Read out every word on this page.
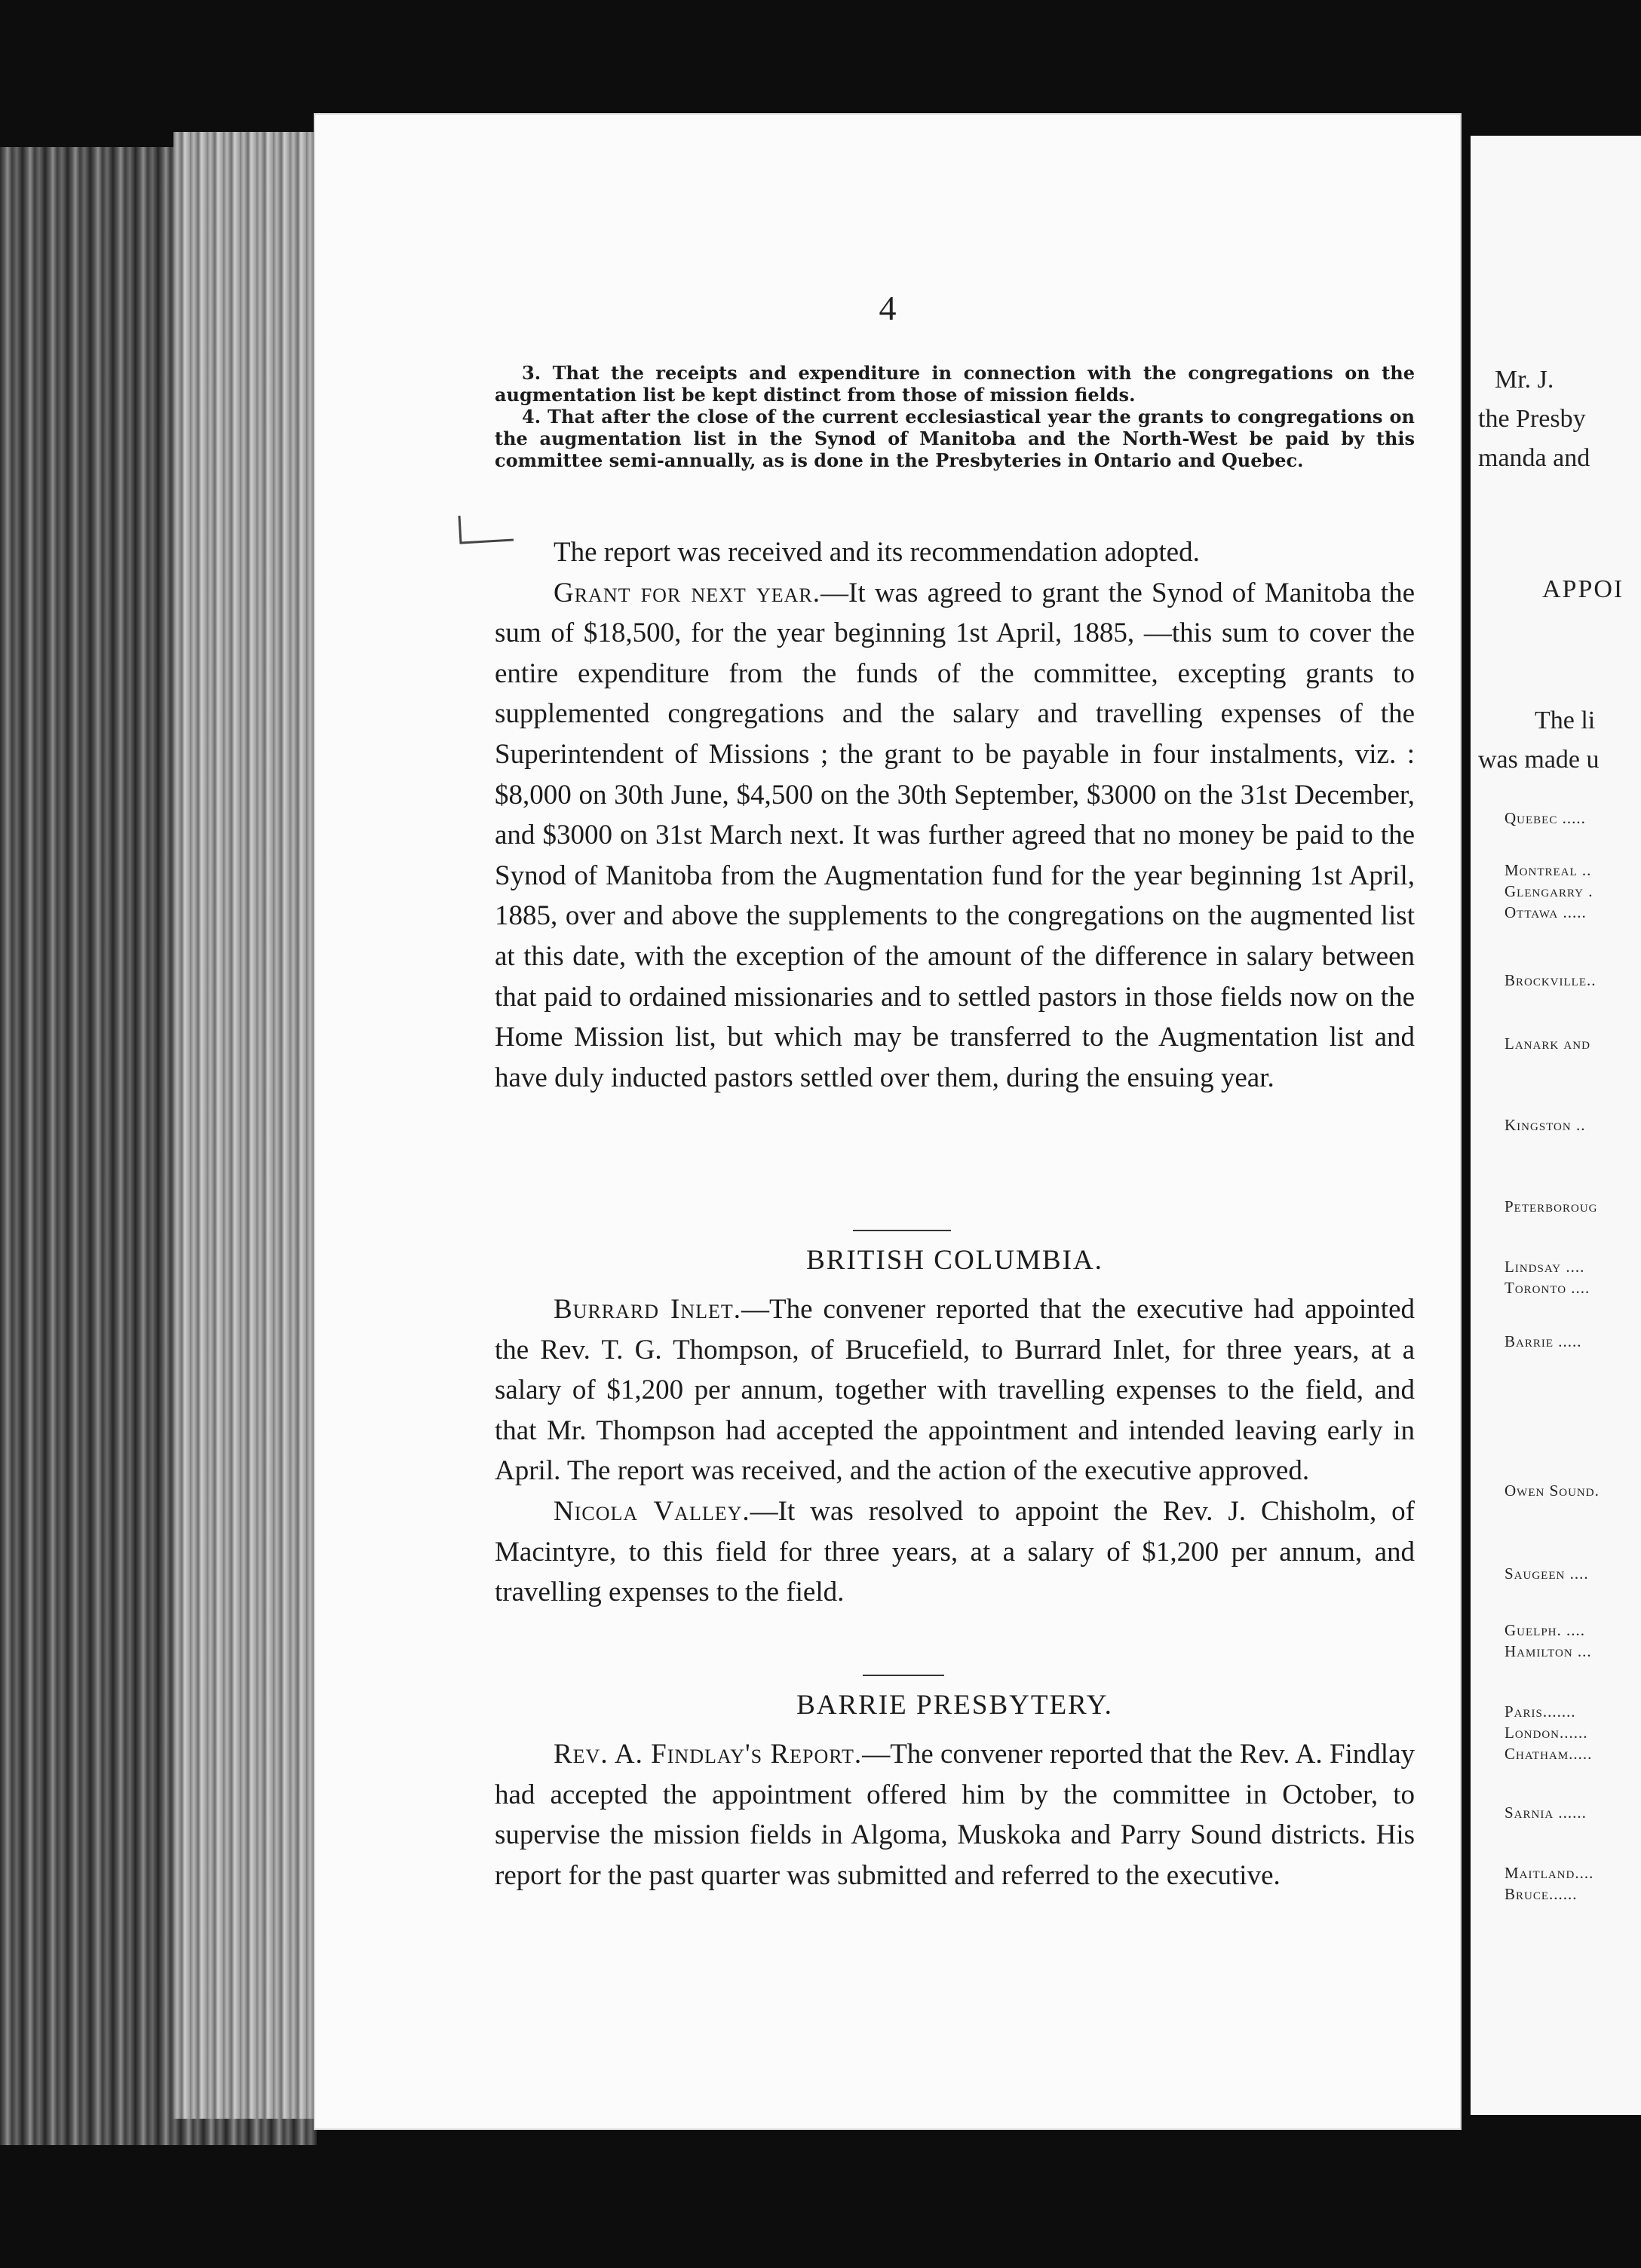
4

3. That the receipts and expenditure in connection with the congregations on the augmentation list be kept distinct from those of mission fields.

4. That after the close of the current ecclesiastical year the grants to congregations on the augmentation list in the Synod of Manitoba and the North-West be paid by this committee semi-annually, as is done in the Presbyteries in Ontario and Quebec.

The report was received and its recommendation adopted.

Grant for next year.—It was agreed to grant the Synod of Manitoba the sum of $18,500, for the year beginning 1st April, 1885, —this sum to cover the entire expenditure from the funds of the committee, excepting grants to supplemented congregations and the salary and travelling expenses of the Superintendent of Missions ; the grant to be payable in four instalments, viz. : $8,000 on 30th June, $4,500 on the 30th September, $3000 on the 31st December, and $3000 on 31st March next. It was further agreed that no money be paid to the Synod of Manitoba from the Augmentation fund for the year beginning 1st April, 1885, over and above the supplements to the congregations on the augmented list at this date, with the exception of the amount of the difference in salary between that paid to ordained missionaries and to settled pastors in those fields now on the Home Mission list, but which may be transferred to the Augmentation list and have duly inducted pastors settled over them, during the ensuing year.

BRITISH COLUMBIA.

Burrard Inlet.—The convener reported that the executive had appointed the Rev. T. G. Thompson, of Brucefield, to Burrard Inlet, for three years, at a salary of $1,200 per annum, together with travelling expenses to the field, and that Mr. Thompson had accepted the appointment and intended leaving early in April. The report was received, and the action of the executive approved.

Nicola Valley.—It was resolved to appoint the Rev. J. Chisholm, of Macintyre, to this field for three years, at a salary of $1,200 per annum, and travelling expenses to the field.

BARRIE PRESBYTERY.

Rev. A. Findlay's Report.—The convener reported that the Rev. A. Findlay had accepted the appointment offered him by the committee in October, to supervise the mission fields in Algoma, Muskoka and Parry Sound districts. His report for the past quarter was submitted and referred to the executive.

Mr. J.
the Presby
manda and
APPOI
The li
was made u
Quebec .....
Montreal ..
Glengarry .
Ottawa .....
Brockville..
Lanark and
Kingston ..
Peterboroug
Lindsay ....
Toronto ....
Barrie .....
Owen Sound.
Saugeen ....
Guelph. ....
Hamilton ...
Paris.......
London......
Chatham.....
Sarnia ......
Maitland....
Bruce......
